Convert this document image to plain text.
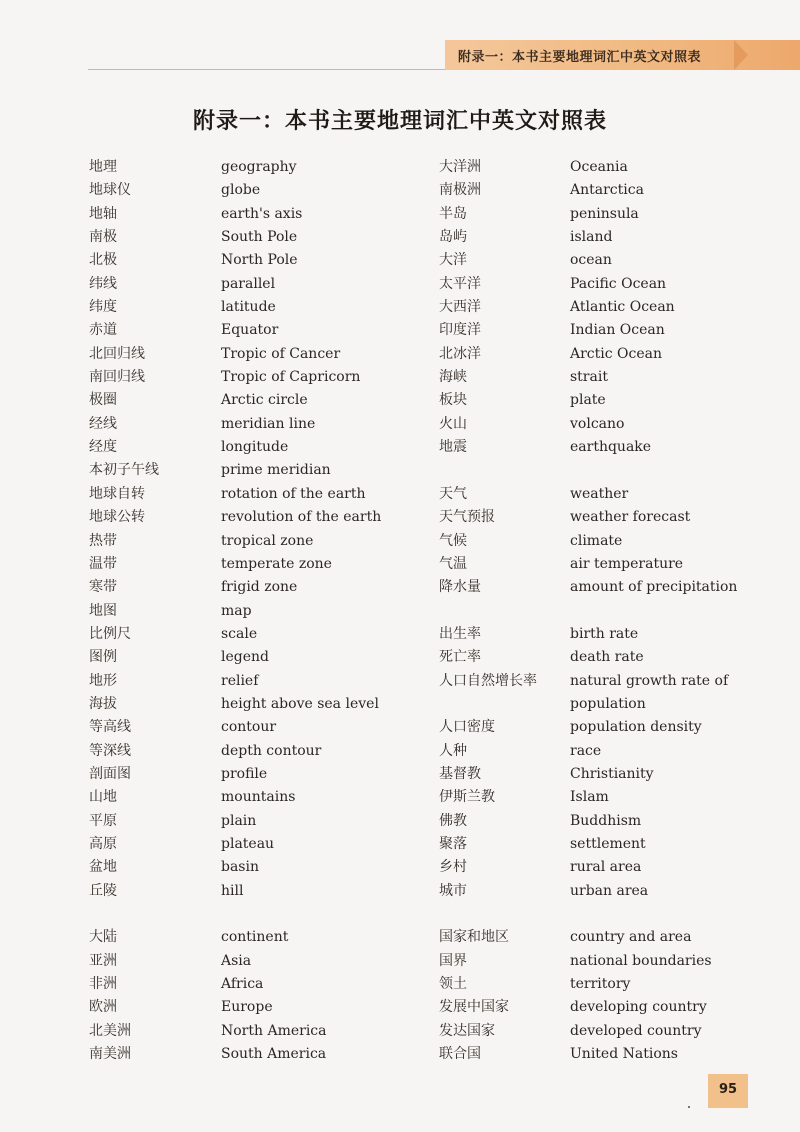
附录一：本书主要地理词汇中英文对照表
附录一：本书主要地理词汇中英文对照表
地理
地球仪
地轴
南极
北极
纬线
纬度
赤道
北回归线
南回归线
极圈
经线
经度
本初子午线
地球自转
地球公转
热带
温带
寒带
地图
比例尺
图例
地形
海拔
等高线
等深线
剖面图
山地
平原
高原
盆地
丘陵
大陆
亚洲
非洲
欧洲
北美洲
南美洲
geography
globe
earth's axis
South Pole
North Pole
parallel
latitude
Equator
Tropic of Cancer
Tropic of Capricorn
Arctic circle
meridian line
longitude
prime meridian
rotation of the earth
revolution of the earth
tropical zone
temperate zone
frigid zone
map
scale
legend
relief
height above sea level
contour
depth contour
profile
mountains
plain
plateau
basin
hill
continent
Asia
Africa
Europe
North America
South America
大洋洲
南极洲
半岛
岛屿
大洋
太平洋
大西洋
印度洋
北冰洋
海峡
板块
火山
地震
天气
天气预报
气候
气温
降水量
出生率
死亡率
人口自然增长率
人口密度
人种
基督教
伊斯兰教
佛教
聚落
乡村
城市
国家和地区
国界
领土
发展中国家
发达国家
联合国
Oceania
Antarctica
peninsula
island
ocean
Pacific Ocean
Atlantic Ocean
Indian Ocean
Arctic Ocean
strait
plate
volcano
earthquake
weather
weather forecast
climate
air temperature
amount of precipitation
birth rate
death rate
natural growth rate of
population
population density
race
Christianity
Islam
Buddhism
settlement
rural area
urban area
country and area
national boundaries
territory
developing country
developed country
United Nations
95
